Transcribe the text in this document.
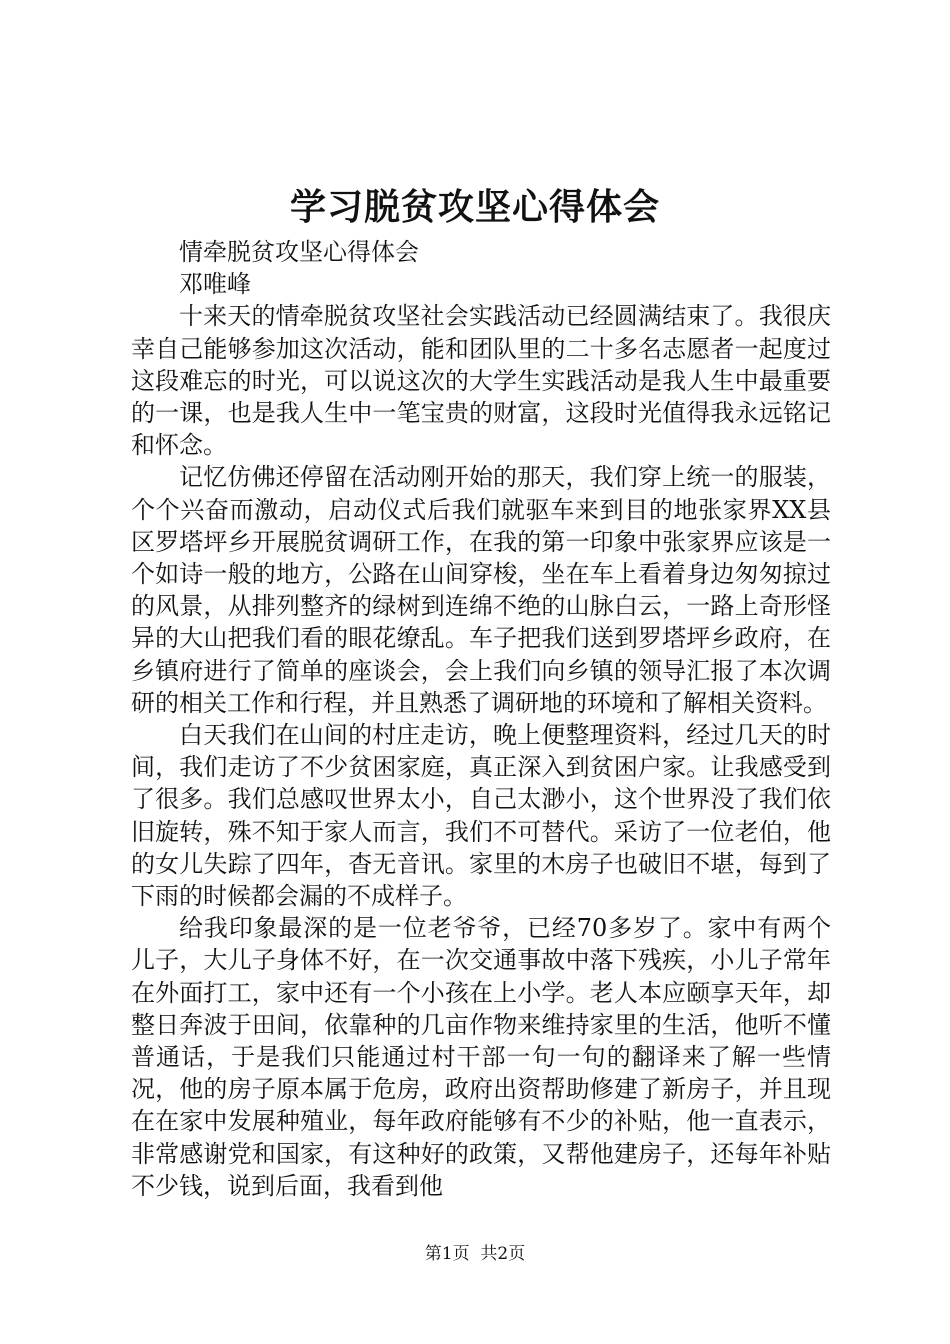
学习脱贫攻坚心得体会

情牵脱贫攻坚心得体会

邓唯峰

十来天的情牵脱贫攻坚社会实践活动已经圆满结束了。我很庆幸自己能够参加这次活动，能和团队里的二十多名志愿者一起度过这段难忘的时光，可以说这次的大学生实践活动是我人生中最重要的一课，也是我人生中一笔宝贵的财富，这段时光值得我永远铭记和怀念。

记忆仿佛还停留在活动刚开始的那天，我们穿上统一的服装，个个兴奋而激动，启动仪式后我们就驱车来到目的地张家界XX县区罗塔坪乡开展脱贫调研工作，在我的第一印象中张家界应该是一个如诗一般的地方，公路在山间穿梭，坐在车上看着身边匆匆掠过的风景，从排列整齐的绿树到连绵不绝的山脉白云，一路上奇形怪异的大山把我们看的眼花缭乱。车子把我们送到罗塔坪乡政府，在乡镇府进行了简单的座谈会，会上我们向乡镇的领导汇报了本次调研的相关工作和行程，并且熟悉了调研地的环境和了解相关资料。

白天我们在山间的村庄走访，晚上便整理资料，经过几天的时间，我们走访了不少贫困家庭，真正深入到贫困户家。让我感受到了很多。我们总感叹世界太小，自己太渺小，这个世界没了我们依旧旋转，殊不知于家人而言，我们不可替代。采访了一位老伯，他的女儿失踪了四年，杳无音讯。家里的木房子也破旧不堪，每到了下雨的时候都会漏的不成样子。

给我印象最深的是一位老爷爷，已经70多岁了。家中有两个儿子，大儿子身体不好，在一次交通事故中落下残疾，小儿子常年在外面打工，家中还有一个小孩在上小学。老人本应颐享天年，却整日奔波于田间，依靠种的几亩作物来维持家里的生活，他听不懂普通话，于是我们只能通过村干部一句一句的翻译来了解一些情况，他的房子原本属于危房，政府出资帮助修建了新房子，并且现在在家中发展种殖业，每年政府能够有不少的补贴，他一直表示，非常感谢党和国家，有这种好的政策，又帮他建房子，还每年补贴不少钱，说到后面，我看到他

第1页 共2页
